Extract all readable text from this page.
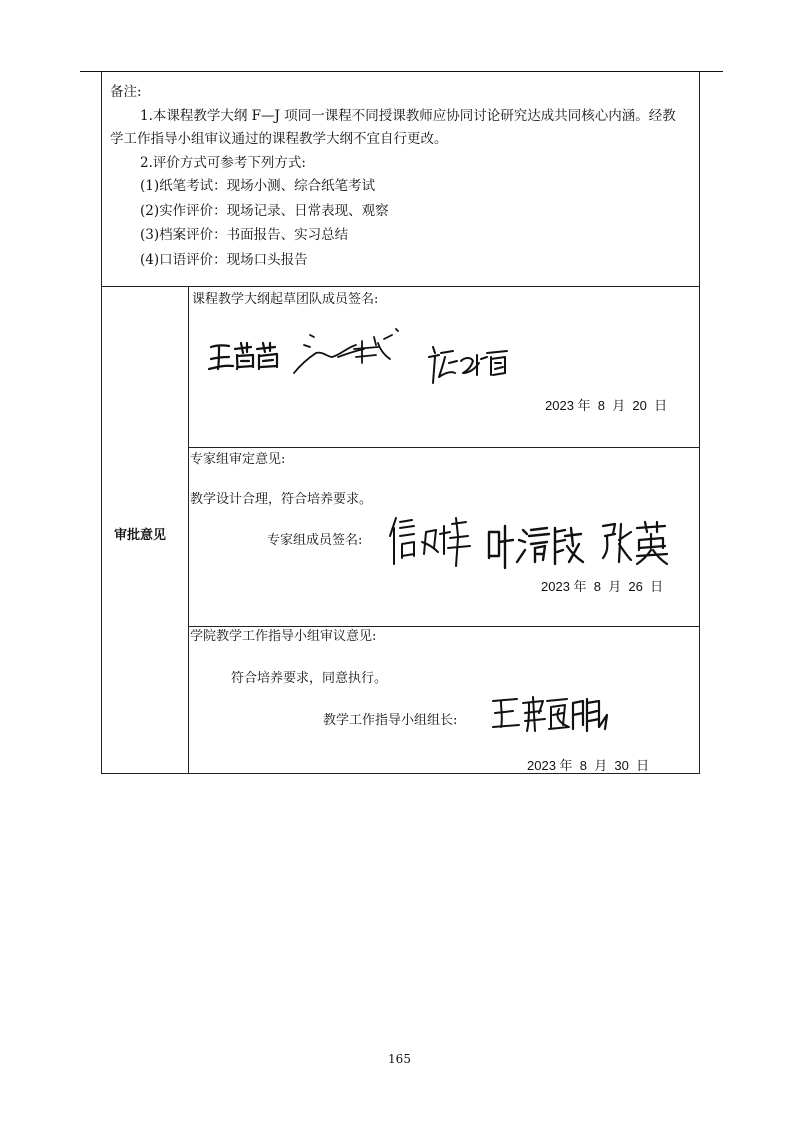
备注:
1.本课程教学大纲 F—J 项同一课程不同授课教师应协同讨论研究达成共同核心内涵。经教
学工作指导小组审议通过的课程教学大纲不宜自行更改。
2.评价方式可参考下列方式:
(1)纸笔考试：现场小测、综合纸笔考试
(2)实作评价：现场记录、日常表现、观察
(3)档案评价：书面报告、实习总结
(4)口语评价：现场口头报告
审批意见
课程教学大纲起草团队成员签名:
2023 年  8  月  20  日
专家组审定意见:
教学设计合理，符合培养要求。
专家组成员签名:
2023 年  8  月  26  日
学院教学工作指导小组审议意见:
符合培养要求，同意执行。
教学工作指导小组组长:
2023 年  8  月  30  日
165
